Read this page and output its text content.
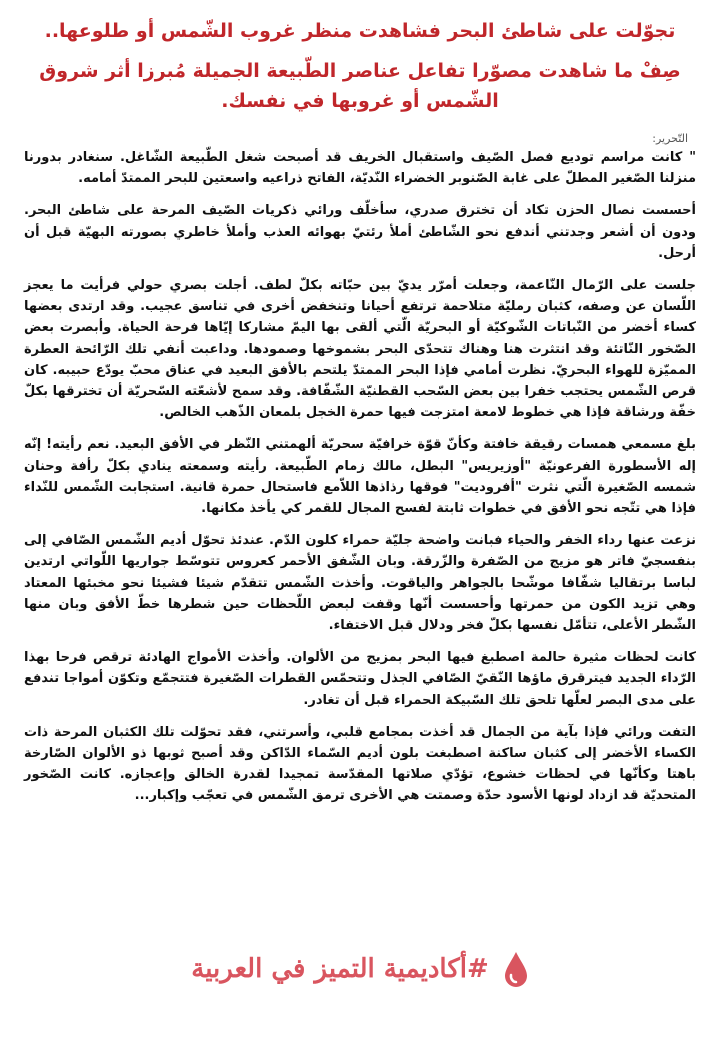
تجوّلت على شاطئ البحر فشاهدت منظر غروب الشّمس أو طلوعها..
صِفْ ما شاهدت مصوّرا تفاعل عناصر الطّبيعة الجميلة مُبرزا أثر شروق الشّمس أو غروبها في نفسك.
التّحرير:

" كانت مراسم توديع فصل الصّيف واستقبال الخريف قد أصبحت شغل الطّبيعة الشّاغل. سنغادر بدورنا منزلنا الصّغير المطلّ على غابة الصّنوبر الخضراء النّديّة، الفاتح ذراعيه واسعتين للبحر الممتدّ أمامه.

أحسست نصال الحزن تكاد أن تخترق صدري، سأخلّف ورائي ذكريات الصّيف المرحة على شاطئ البحر. ودون أن أشعر وجدتني أندفع نحو الشّاطئ أملأ رئتيّ بهوائه العذب وأملأ خاطري بصورته البهيّة قبل أن أرحل.

جلست على الرّمال النّاعمة، وجعلت أمرّر يديّ بين حبّاته بكلّ لطف. أجلت بصري حولي فرأيت ما يعجز اللّسان عن وصفه، كثبان رمليّة متلاحمة ترتفع أحيانا وتنخفض أخرى في تناسق عجيب. وقد ارتدى بعضها كساء أخضر من النّباتات الشّوكيّة أو البحريّة الّتي ألقى بها اليمّ مشاركا إيّاها فرحة الحياة. وأبصرت بعض الصّخور النّاتئة وقد انتثرت هنا وهناك تتحدّى البحر بشموخها وصمودها. وداعبت أنفي تلك الرّائحة العطرة المميّزة للهواء البحريّ. نظرت أمامي فإذا البحر الممتدّ يلتحم بالأفق البعيد في عناق محبّ يودّع حبيبه. كان قرص الشّمس يحتجب خفرا بين بعض السّحب القطنيّة الشّفّافة. وقد سمح لأشعّته السّحريّة أن تخترقها بكلّ خفّة ورشاقة فإذا هي خطوط لامعة امتزجت فيها حمرة الخجل بلمعان الذّهب الخالص.

بلغ مسمعي همسات رقيقة خافتة وكأنّ قوّة خرافيّة سحريّة ألهمتني النّظر في الأفق البعيد. نعم رأيته! إنّه إله الأسطورة الفرعونيّة "أوزيريس" البطل، مالك زمام الطّبيعة. رأيته وسمعته ينادي بكلّ رأفة وحنان شمسه الصّغيرة الّتي نثرت "أفروديت" فوقها رذاذها اللاّمع فاستحال حمرة قانية. استجابت الشّمس للنّداء فإذا هي تتّجه نحو الأفق في خطوات ثابتة لفسح المجال للقمر كي يأخذ مكانها.

نزعت عنها رداء الخفر والحياء فبانت واضحة جليّة حمراء كلون الدّم. عندئذ تحوّل أديم الشّمس الصّافي إلى بنفسجيّ فاتر هو مزيج من الصّفرة والزّرقة. وبان الشّفق الأحمر كعروس تتوسّط جواريها اللّواتي ارتدين لباسا برتقاليا شفّافا موشّحا بالجواهر والياقوت. وأخذت الشّمس تتقدّم شيئا فشيئا نحو مخبئها المعتاد وهي تزيد الكون من حمرتها وأحسست أنّها وقفت لبعض اللّحظات حين شطرها خطّ الأفق وبان منها الشّطر الأعلى، تتأمّل نفسها بكلّ فخر ودلال قبل الاختفاء.

كانت لحظات مثيرة حالمة اصطبغ فيها البحر بمزيج من الألوان. وأخذت الأمواج الهادئة ترقص فرحا بهذا الرّداء الجديد فيترقرق ماؤها النّقيّ الصّافي الجذل وتتحمّس القطرات الصّغيرة فتتجمّع وتكوّن أمواجا تندفع على مدى البصر لعلّها تلحق تلك السّبيكة الحمراء قبل أن تغادر.

التفت ورائي فإذا بآية من الجمال قد أخذت بمجامع قلبي، وأسرتني، فقد تحوّلت تلك الكثبان المرحة ذات الكساء الأخضر إلى كثبان ساكنة اصطبغت بلون أديم السّماء الدّاكن وقد أصبح ثوبها ذو الألوان الصّارخة باهتا وكأنّها في لحظات خشوع، تؤدّي صلاتها المقدّسة تمجيدا لقدرة الخالق وإعجازه. كانت الصّخور المتحديّة قد ازداد لونها الأسود حدّة وصمتت هي الأخرى ترمق الشّمس في تعجّب وإكبار...

#أكاديمية التميز في العربية
